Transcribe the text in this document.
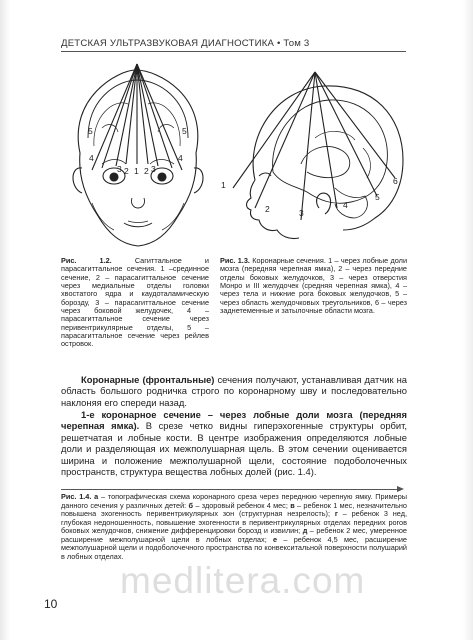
ДЕТСКАЯ УЛЬТРАЗВУКОВАЯ ДИАГНОСТИКА • Том 3
5
4
3 2 1 2 3
4
5
1
2	3
4
5
6
Рис. 1.2.	Сагиттальное и парасагиттальное сечения. 1 –срединное сечение, 2 – парасагиттальное сечение через медиальные отделы головки хвостатого ядра и каудоталамическую борозду, 3 – парасагиттальное сечение через боковой желудочек, 4 – парасагиттальное сечение через перивентрикулярные отделы, 5 – парасагиттальное сечение через рейлев островок.
Рис. 1.3. Коронарные сечения. 1 – через лобные доли мозга (передняя черепная ямка), 2 – через передние отделы боковых желудочков, 3 – через отверстия Монро и III желудочек (средняя черепная ямка), 4 – через тела и нижние рога боковых желудочков, 5 – через область желудочковых треугольников, 6 – через заднетеменные и затылочные области мозга.
Коронарные (фронтальные) сечения получают, устанавливая датчик на область большого родничка строго по коронарному шву и последовательно наклоняя его спереди назад.
1-е коронарное сечение – через лобные доли мозга (передняя черепная ямка). В срезе четко видны гиперэхогенные структуры орбит, решетчатая и лобные кости. В центре изображения определяются лобные доли и разделяющая их межполушарная щель. В этом сечении оценивается ширина и положение межполушарной щели, состояние подоболочечных пространств, структура вещества лобных долей (рис. 1.4).
Рис. 1.4. а – топографическая схема коронарного среза через переднюю черепную ямку. Примеры данного сечения у различных детей: б – здоровый ребенок 4 мес; в – ребенок 1 мес, незначительно повышена эхогенность перивентрикулярных зон (структурная незрелость); г – ребенок 3 нед, глубокая недоношенность, повышение эхогенности в перивентрикулярных отделах передних рогов боковых желудочков, снижение дифференцировки борозд и извилин; д – ребенок 2 мес, умеренное расширение межполушарной щели в лобных отделах; е – ребенок 4,5 мес, расширение межполушарной щели и подоболочечного пространства по конвекситальной поверхности полушарий в лобных отделах.
medlitera.com
10
